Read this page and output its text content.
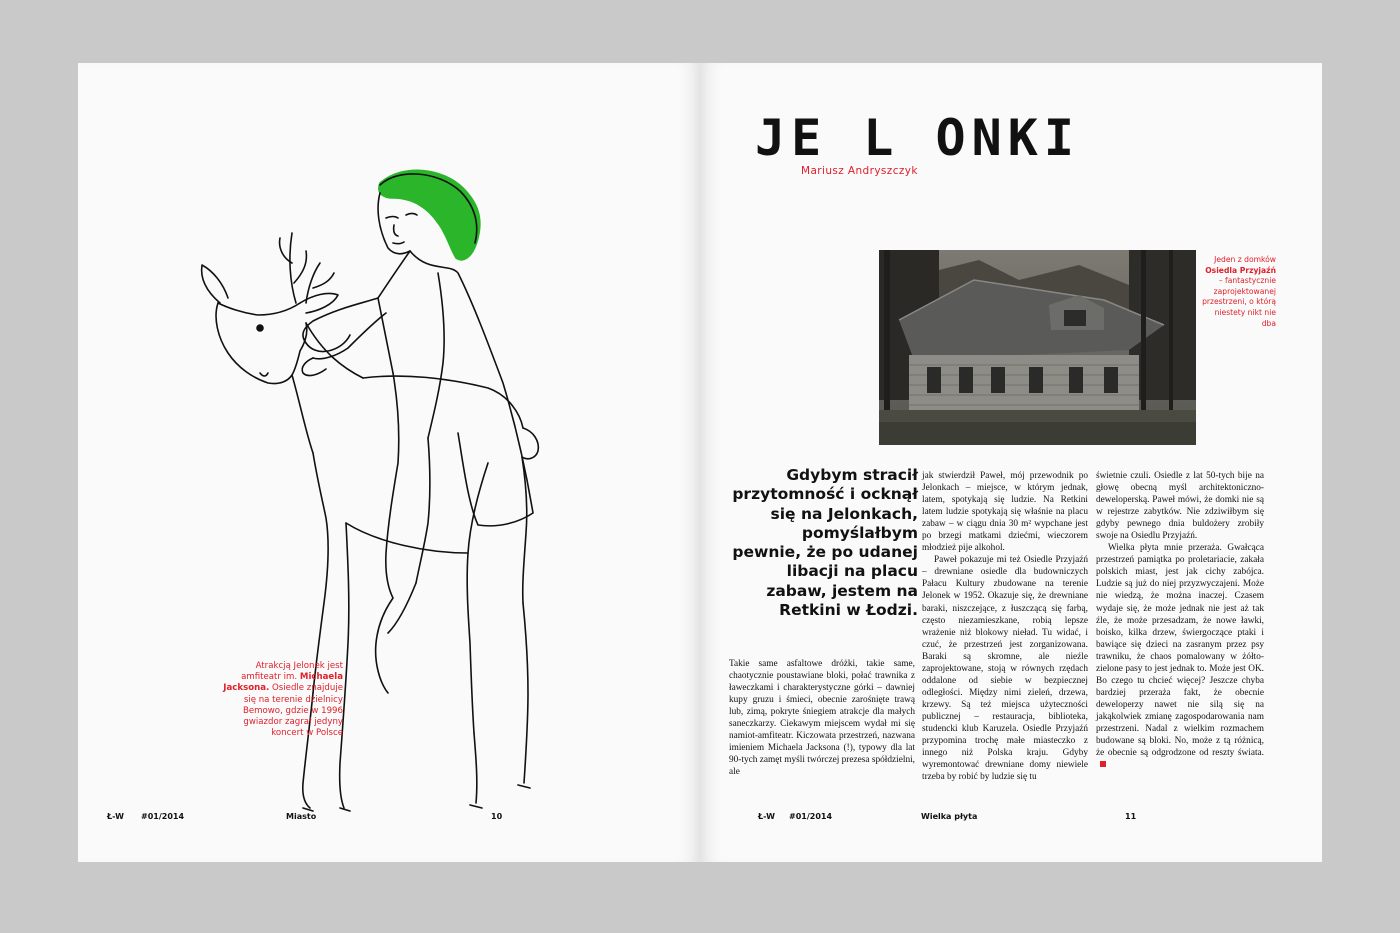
Atrakcją Jelonek jest
amfiteatr im. Michaela
Jacksona. Osiedle znajduje
się na terenie dzielnicy
Bemowo, gdzie w 1996
gwiazdor zagrał jedyny
koncert w Polsce
Ł-W #01/2014	Miasto	10
JE L ONKI
Mariusz Andryszczyk
Jeden z domków
Osiedla Przyjaźń
– fantastycznie
zaprojektowanej
przestrzeni, o którą
niestety nikt nie
dba
Gdybym stracił przytomność i ocknął się na Jelonkach, pomyślałbym pewnie, że po udanej libacji na placu zabaw, jestem na Retkini w Łodzi.

Takie same asfaltowe dróżki, takie same, chaotycznie poustawiane bloki, połać trawnika z ławeczkami i charakterystyczne górki – dawniej kupy gruzu i śmieci, obecnie zarośnięte trawą lub, zimą, pokryte śniegiem atrakcje dla małych saneczkarzy. Ciekawym miejscem wydał mi się namiot-amfiteatr. Kiczowata przestrzeń, nazwana imieniem Michaela Jacksona (!), typowy dla lat 90-tych zamęt myśli twórczej prezesa spółdzielni, ale

jak stwierdził Paweł, mój przewodnik po Jelonkach – miejsce, w którym jednak, latem, spotykają się ludzie. Na Retkini latem ludzie spotykają się właśnie na placu zabaw – w ciągu dnia 30 m² wypchane jest po brzegi matkami dziećmi, wieczorem młodzież pije alkohol.

Paweł pokazuje mi też Osiedle Przyjaźń – drewniane osiedle dla budowniczych Pałacu Kultury zbudowane na terenie Jelonek w 1952. Okazuje się, że drewniane baraki, niszczejące, z łuszczącą się farbą, często niezamieszkane, robią lepsze wrażenie niż blokowy nieład. Tu widać, i czuć, że przestrzeń jest zorganizowana. Baraki są skromne, ale nieźle zaprojektowane, stoją w równych rzędach oddalone od siebie w bezpiecznej odległości. Między nimi zieleń, drzewa, krzewy. Są też miejsca użyteczności publicznej – restauracja, biblioteka, studencki klub Karuzela. Osiedle Przyjaźń przypomina trochę małe miasteczko z innego niż Polska kraju. Gdyby wyremontować drewniane domy niewiele trzeba by robić by ludzie się tu

świetnie czuli. Osiedle z lat 50-tych bije na głowę obecną myśl architektoniczno-deweloperską. Paweł mówi, że domki nie są w rejestrze zabytków. Nie zdziwiłbym się gdyby pewnego dnia buldożery zrobiły swoje na Osiedlu Przyjaźń.

Wielka płyta mnie przeraża. Gwałcąca przestrzeń pamiątka po proletariacie, zakała polskich miast, jest jak cichy zabójca. Ludzie są już do niej przyzwyczajeni. Może nie wiedzą, że można inaczej. Czasem wydaje się, że może jednak nie jest aż tak źle, że może przesadzam, że nowe ławki, boisko, kilka drzew, świergoczące ptaki i bawiące się dzieci na zasranym przez psy trawniku, że chaos pomalowany w żółto-zielone pasy to jest jednak to. Może jest OK. Bo czego tu chcieć więcej? Jeszcze chyba bardziej przeraża fakt, że obecnie deweloperzy nawet nie silą się na jakąkolwiek zmianę zagospodarowania nam przestrzeni. Nadal z wielkim rozmachem budowane są bloki. No, może z tą różnicą, że obecnie są odgrodzone od reszty świata.

Ł-W #01/2014	Wielka płyta	11
